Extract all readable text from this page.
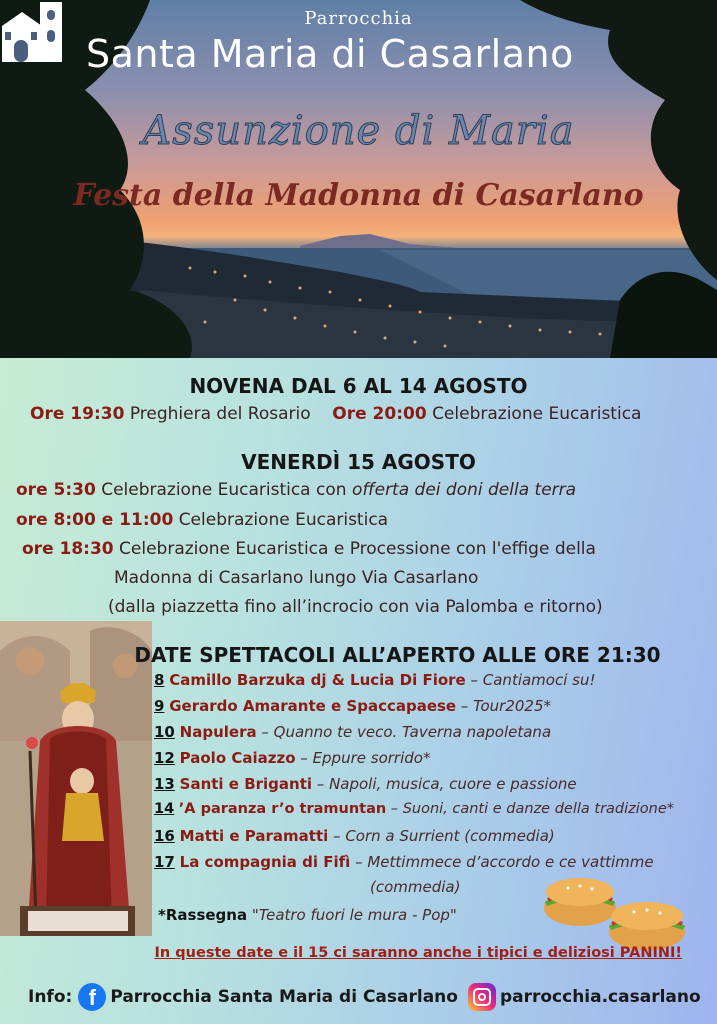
Parrocchia
Santa Maria di Casarlano
Assunzione di Maria
Festa della Madonna di Casarlano
NOVENA DAL 6 AL 14 AGOSTO
Ore 19:30 Preghiera del Rosario Ore 20:00 Celebrazione Eucaristica
VENERDÌ 15 AGOSTO
ore 5:30 Celebrazione Eucaristica con offerta dei doni della terra
ore 8:00 e 11:00 Celebrazione Eucaristica
ore 18:30 Celebrazione Eucaristica e Processione con l'effige della
Madonna di Casarlano lungo Via Casarlano
(dalla piazzetta fino all’incrocio con via Palomba e ritorno)
DATE SPETTACOLI ALL’APERTO ALLE ORE 21:30
8 Camillo Barzuka dj & Lucia Di Fiore – Cantiamoci su!
9 Gerardo Amarante e Spaccapaese – Tour2025*
10 Napulera – Quanno te veco. Taverna napoletana
12 Paolo Caiazzo – Eppure sorrido*
13 Santi e Briganti – Napoli, musica, cuore e passione
14 ’A paranza r’o tramuntan – Suoni, canti e danze della tradizione*
16 Matti e Paramatti – Corn a Surrient (commedia)
17 La compagnia di Fifì – Mettimmece d’accordo e ce vattimme
(commedia)
*Rassegna "Teatro fuori le mura - Pop"
In queste date e il 15 ci saranno anche i tipici e deliziosi PANINI!
Info: f Parrocchia Santa Maria di Casarlano parrocchia.casarlano
